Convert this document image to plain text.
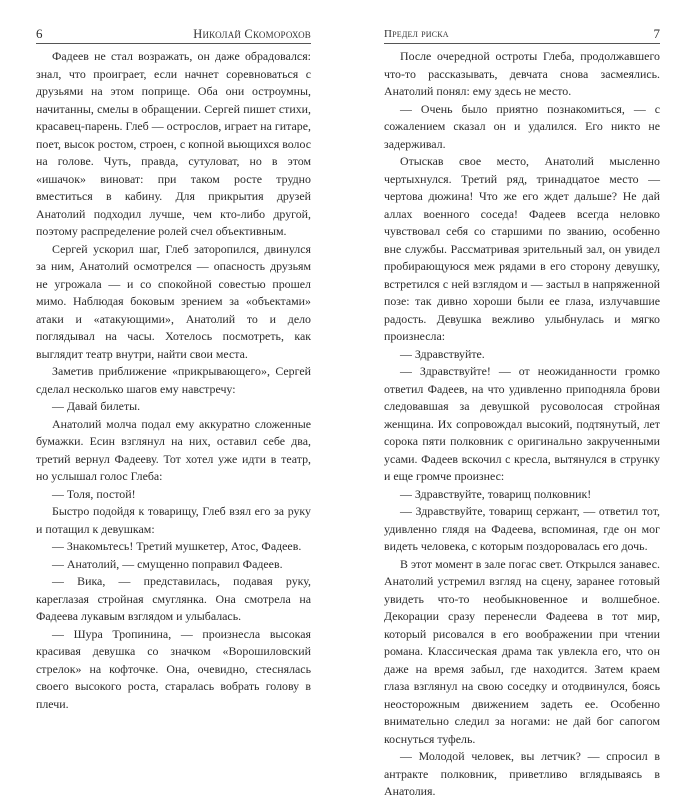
6	Николай Скоморохов

Фадеев не стал возражать, он даже обрадовался: знал, что проиграет, если начнет соревноваться с друзьями на этом поприще. Оба они остроумны, начитанны, смелы в обращении. Сергей пишет стихи, красавец-парень. Глеб — острослов, играет на гитаре, поет, высок ростом, строен, с копной вьющихся волос на голове. Чуть, правда, сутуловат, но в этом «ишачок» виноват: при таком росте трудно вместиться в кабину. Для прикрытия друзей Анатолий подходил лучше, чем кто-либо другой, поэтому распределение ролей счел объективным.

Сергей ускорил шаг, Глеб заторопился, двинулся за ним, Анатолий осмотрелся — опасность друзьям не угрожала — и со спокойной совестью прошел мимо. Наблюдая боковым зрением за «объектами» атаки и «атакующими», Анатолий то и дело поглядывал на часы. Хотелось посмотреть, как выглядит театр внутри, найти свои места.

Заметив приближение «прикрывающего», Сергей сделал несколько шагов ему навстречу:

— Давай билеты.

Анатолий молча подал ему аккуратно сложенные бумажки. Есин взглянул на них, оставил себе два, третий вернул Фадееву. Тот хотел уже идти в театр, но услышал голос Глеба:

— Толя, постой!

Быстро подойдя к товарищу, Глеб взял его за руку и потащил к девушкам:

— Знакомьтесь! Третий мушкетер, Атос, Фадеев.

— Анатолий, — смущенно поправил Фадеев.

— Вика, — представилась, подавая руку, кареглазая стройная смуглянка. Она смотрела на Фадеева лукавым взглядом и улыбалась.

— Шура Тропинина, — произнесла высокая красивая девушка со значком «Ворошиловский стрелок» на кофточке. Она, очевидно, стеснялась своего высокого роста, старалась вобрать голову в плечи.

Предел риска	7

После очередной остроты Глеба, продолжавшего что-то рассказывать, девчата снова засмеялись. Анатолий понял: ему здесь не место.

— Очень было приятно познакомиться, — с сожалением сказал он и удалился. Его никто не задерживал.

Отыскав свое место, Анатолий мысленно чертыхнулся. Третий ряд, тринадцатое место — чертова дюжина! Что же его ждет дальше? Не дай аллах военного соседа! Фадеев всегда неловко чувствовал себя со старшими по званию, особенно вне службы. Рассматривая зрительный зал, он увидел пробирающуюся меж рядами в его сторону девушку, встретился с ней взглядом и — застыл в напряженной позе: так дивно хороши были ее глаза, излучавшие радость. Девушка вежливо улыбнулась и мягко произнесла:

— Здравствуйте.

— Здравствуйте! — от неожиданности громко ответил Фадеев, на что удивленно приподняла брови следовавшая за девушкой русоволосая стройная женщина. Их сопровождал высокий, подтянутый, лет сорока пяти полковник с оригинально закрученными усами. Фадеев вскочил с кресла, вытянулся в струнку и еще громче произнес:

— Здравствуйте, товарищ полковник!

— Здравствуйте, товарищ сержант, — ответил тот, удивленно глядя на Фадеева, вспоминая, где он мог видеть человека, с которым поздоровалась его дочь.

В этот момент в зале погас свет. Открылся занавес. Анатолий устремил взгляд на сцену, заранее готовый увидеть что-то необыкновенное и волшебное. Декорации сразу перенесли Фадеева в тот мир, который рисовался в его воображении при чтении романа. Классическая драма так увлекла его, что он даже на время забыл, где находится. Затем краем глаза взглянул на свою соседку и отодвинулся, боясь неосторожным движением задеть ее. Особенно внимательно следил за ногами: не дай бог сапогом коснуться туфель.

— Молодой человек, вы летчик? — спросил в антракте полковник, приветливо вглядываясь в Анатолия.
